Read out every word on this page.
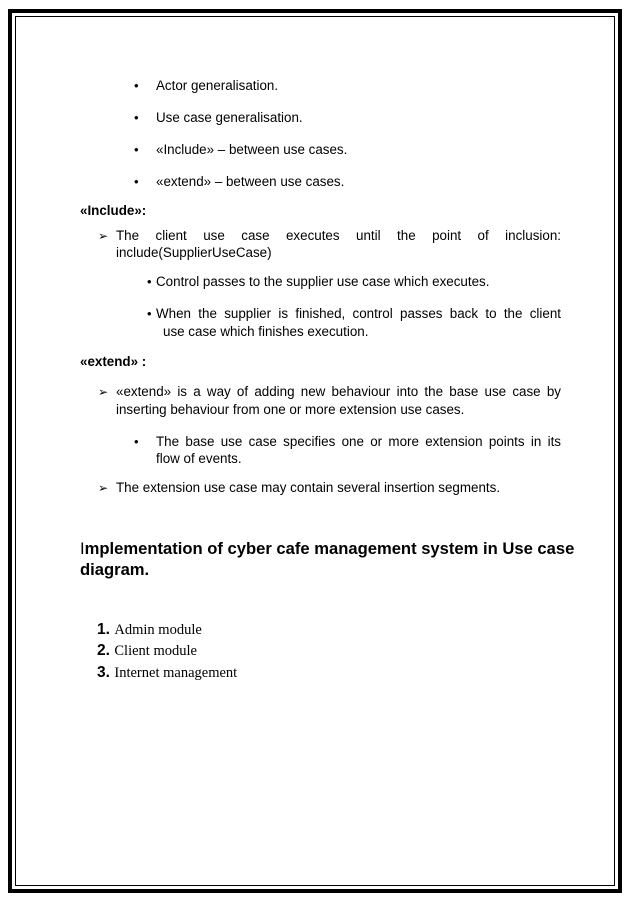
• Actor generalisation.
• Use case generalisation.
• «Include» – between use cases.
• «extend» – between use cases.
«Include»:
➢ The client use case executes until the point of inclusion:
include(SupplierUseCase)
• Control passes to the supplier use case which executes.
• When the supplier is finished, control passes back to the client
use case which finishes execution.
«extend» :
➢ «extend» is a way of adding new behaviour into the base use case by
inserting behaviour from one or more extension use cases.
• The base use case specifies one or more extension points in its
flow of events.
➢ The extension use case may contain several insertion segments.
Implementation of cyber cafe management system in Use case
diagram.
1. Admin module
2. Client module
3. Internet management
